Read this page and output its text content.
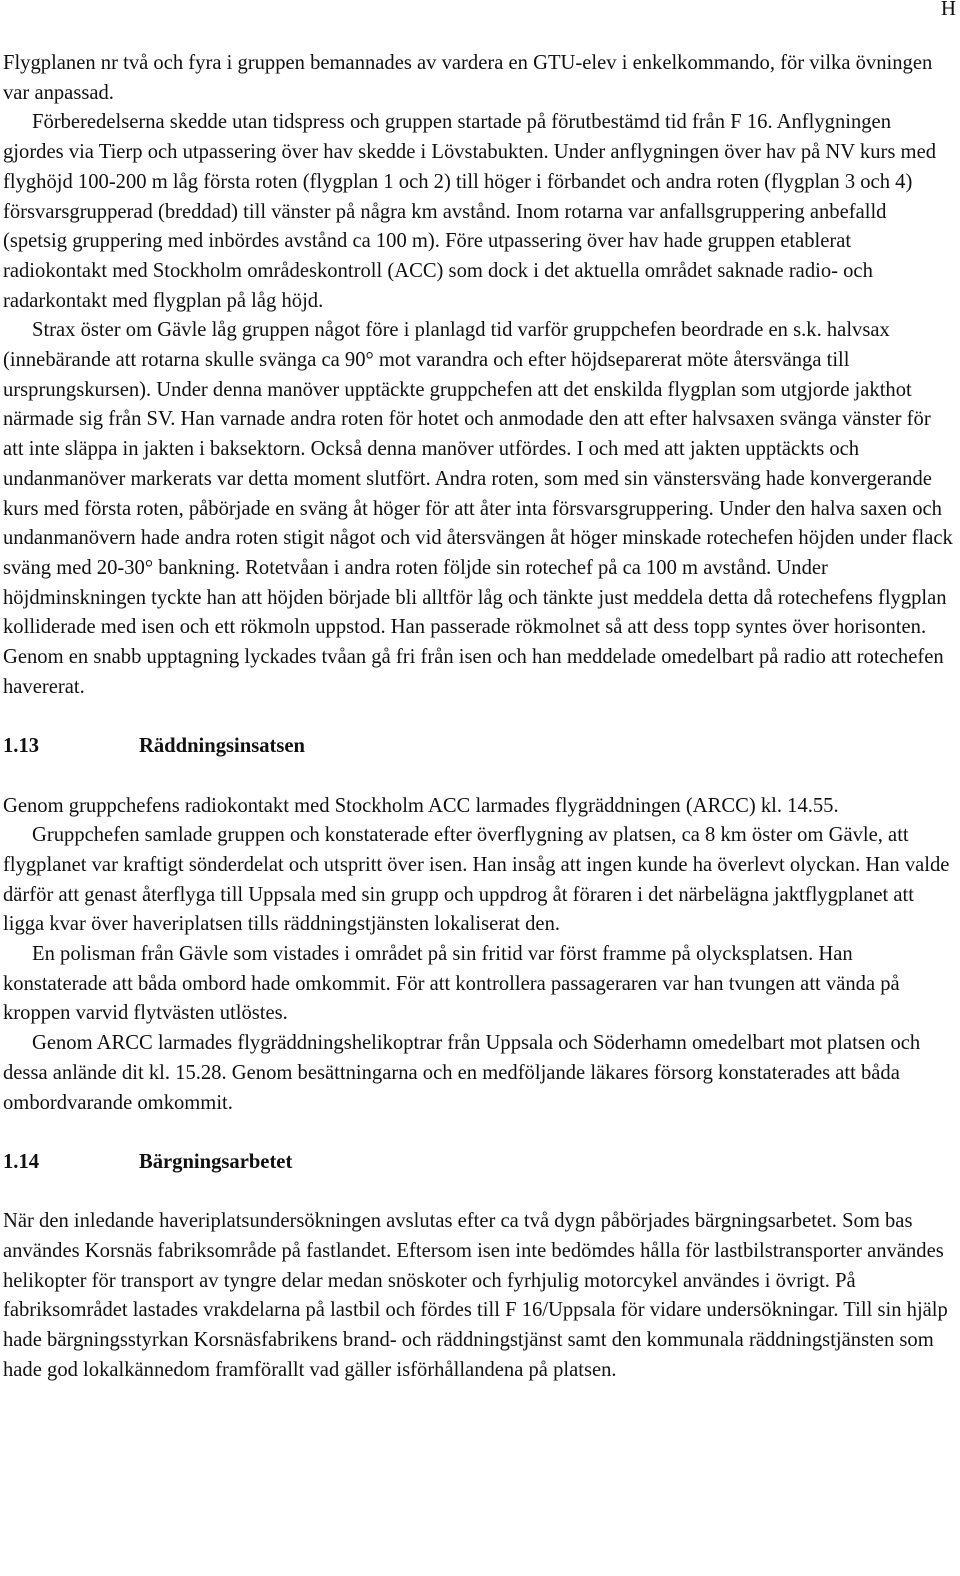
H

Flygplanen nr två och fyra i gruppen bemannades av vardera en GTU-elev i enkelkommando, för vilka övningen var anpassad.

Förberedelserna skedde utan tidspress och gruppen startade på förutbestämd tid från F 16. Anflygningen gjordes via Tierp och utpassering över hav skedde i Lövstabukten. Under anflygningen över hav på NV kurs med flyghöjd 100-200 m låg första roten (flygplan 1 och 2) till höger i förbandet och andra roten (flygplan 3 och 4) försvarsgrupperad (breddad) till vänster på några km avstånd. Inom rotarna var anfallsgruppering anbefalld (spetsig gruppering med inbördes avstånd ca 100 m). Före utpassering över hav hade gruppen etablerat radiokontakt med Stockholm områdeskontroll (ACC) som dock i det aktuella området saknade radio- och radarkontakt med flygplan på låg höjd.

Strax öster om Gävle låg gruppen något före i planlagd tid varför gruppchefen beordrade en s.k. halvsax (innebärande att rotarna skulle svänga ca 90° mot varandra och efter höjdseparerat möte återsvänga till ursprungskursen). Under denna manöver upptäckte gruppchefen att det enskilda flygplan som utgjorde jakthot närmade sig från SV. Han varnade andra roten för hotet och anmodade den att efter halvsaxen svänga vänster för att inte släppa in jakten i baksektorn. Också denna manöver utfördes. I och med att jakten upptäckts och undanmanöver markerats var detta moment slutfört. Andra roten, som med sin vänstersväng hade konvergerande kurs med första roten, påbörjade en sväng åt höger för att åter inta försvarsgruppering. Under den halva saxen och undanmanövern hade andra roten stigit något och vid återsvängen åt höger minskade rotechefen höjden under flack sväng med 20-30° bankning. Rotetvåan i andra roten följde sin rotechef på ca 100 m avstånd. Under höjdminskningen tyckte han att höjden började bli alltför låg och tänkte just meddela detta då rotechefens flygplan kolliderade med isen och ett rökmoln uppstod. Han passerade rökmolnet så att dess topp syntes över horisonten. Genom en snabb upptagning lyckades tvåan gå fri från isen och han meddelade omedelbart på radio att rotechefen havererat.

1.13	Räddningsinsatsen

Genom gruppchefens radiokontakt med Stockholm ACC larmades flygräddningen (ARCC) kl. 14.55.

Gruppchefen samlade gruppen och konstaterade efter överflygning av platsen, ca 8 km öster om Gävle, att flygplanet var kraftigt sönderdelat och utspritt över isen. Han insåg att ingen kunde ha överlevt olyckan. Han valde därför att genast återflyga till Uppsala med sin grupp och uppdrog åt föraren i det närbelägna jaktflygplanet att ligga kvar över haveriplatsen tills räddningstjänsten lokaliserat den.

En polisman från Gävle som vistades i området på sin fritid var först framme på olycksplatsen. Han konstaterade att båda ombord hade omkommit. För att kontrollera passageraren var han tvungen att vända på kroppen varvid flytvästen utlöstes.

Genom ARCC larmades flygräddningshelikoptrar från Uppsala och Söderhamn omedelbart mot platsen och dessa anlände dit kl. 15.28. Genom besättningarna och en medföljande läkares försorg konstaterades att båda ombordvarande omkommit.

1.14	Bärgningsarbetet

När den inledande haveriplatsundersökningen avslutas efter ca två dygn påbörjades bärgningsarbetet. Som bas användes Korsnäs fabriksområde på fastlandet. Eftersom isen inte bedömdes hålla för lastbilstransporter användes helikopter för transport av tyngre delar medan snöskoter och fyrhjulig motorcykel användes i övrigt. På fabriksområdet lastades vrakdelarna på lastbil och fördes till F 16/Uppsala för vidare undersökningar. Till sin hjälp hade bärgningsstyrkan Korsnäsfabrikens brand- och räddningstjänst samt den kommunala räddningstjänsten som hade god lokalkännedom framförallt vad gäller isförhållandena på platsen.
